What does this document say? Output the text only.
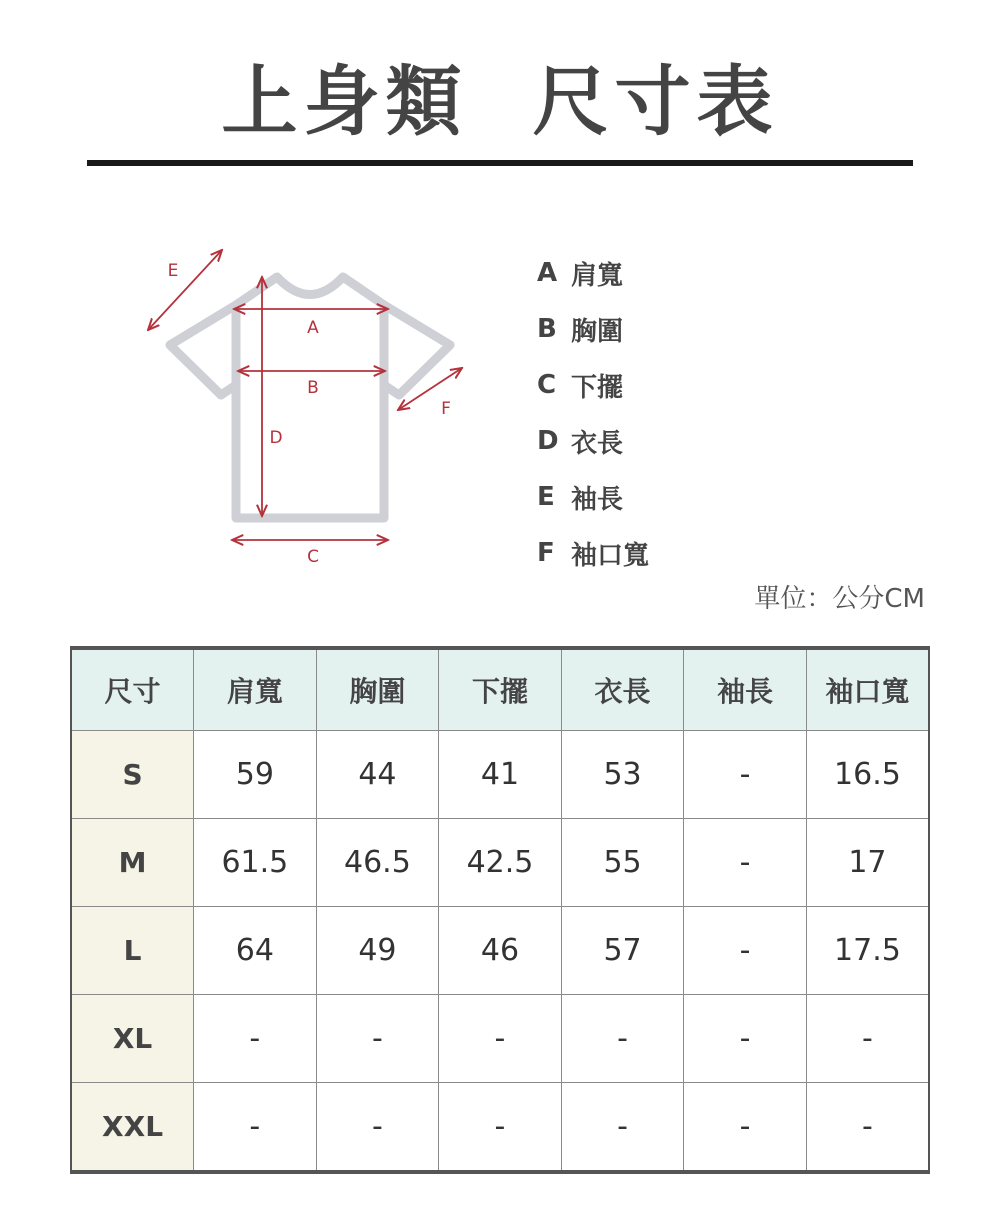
上身類  尺寸表
A
B
C
D
E
F
A 肩寬
B 胸圍
C 下擺
D 衣長
E 袖長
F 袖口寬
單位：公分CM
尺寸	肩寬	胸圍	下擺	衣長	袖長	袖口寬
S	59	44	41	53	-	16.5
M	61.5	46.5	42.5	55	-	17
L	64	49	46	57	-	17.5
XL	-	-	-	-	-	-
XXL	-	-	-	-	-	-
